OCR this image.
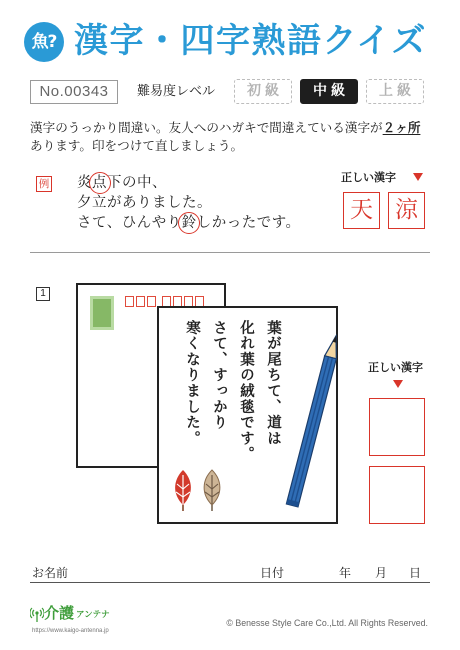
魚? 漢字・四字熟語クイズ
No.00343	難易度レベル	初級	中級	上級
漢字のうっかり間違い。友人へのハガキで間違えている漢字が２ヶ所
あります。印をつけて直しましょう。
例 炎点下の中、
夕立がありました。
さて、ひんやり鈴しかったです。
正しい漢字
天 涼
1
葉が尾ちて、道は
化れ葉の絨毯です。
さて、すっかり
寒くなりました。	正しい漢字
お名前	日付	年 月 日
介護 アンテナ
https://www.kaigo-antenna.jp
© Benesse Style Care Co.,Ltd. All Rights Reserved.
